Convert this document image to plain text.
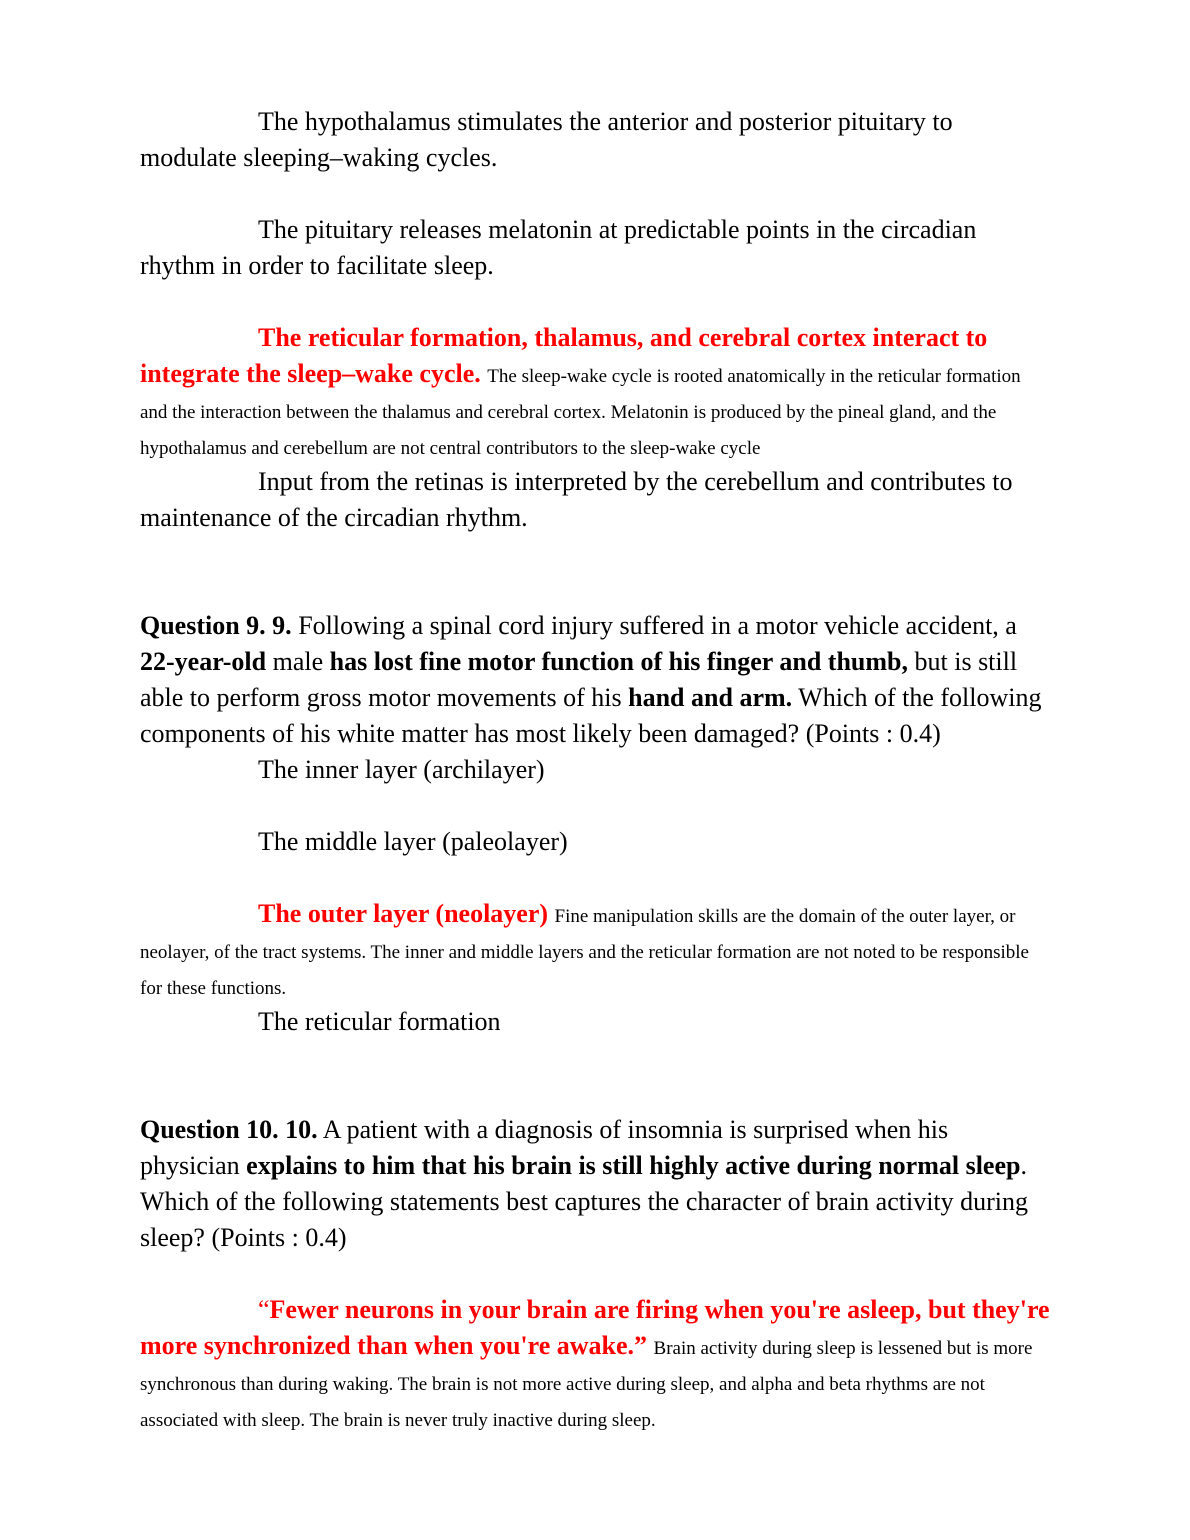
The hypothalamus stimulates the anterior and posterior pituitary to modulate sleeping–waking cycles.

The pituitary releases melatonin at predictable points in the circadian rhythm in order to facilitate sleep.

The reticular formation, thalamus, and cerebral cortex interact to integrate the sleep–wake cycle. The sleep-wake cycle is rooted anatomically in the reticular formation and the interaction between the thalamus and cerebral cortex. Melatonin is produced by the pineal gland, and the hypothalamus and cerebellum are not central contributors to the sleep-wake cycle

Input from the retinas is interpreted by the cerebellum and contributes to maintenance of the circadian rhythm.

Question 9. 9. Following a spinal cord injury suffered in a motor vehicle accident, a 22-year-old male has lost fine motor function of his finger and thumb, but is still able to perform gross motor movements of his hand and arm. Which of the following components of his white matter has most likely been damaged? (Points : 0.4)

The inner layer (archilayer)

The middle layer (paleolayer)

The outer layer (neolayer) Fine manipulation skills are the domain of the outer layer, or neolayer, of the tract systems. The inner and middle layers and the reticular formation are not noted to be responsible for these functions.

The reticular formation

Question 10. 10. A patient with a diagnosis of insomnia is surprised when his physician explains to him that his brain is still highly active during normal sleep. Which of the following statements best captures the character of brain activity during sleep? (Points : 0.4)

“Fewer neurons in your brain are firing when you're asleep, but they're more synchronized than when you're awake.” Brain activity during sleep is lessened but is more synchronous than during waking. The brain is not more active during sleep, and alpha and beta rhythms are not associated with sleep. The brain is never truly inactive during sleep.
